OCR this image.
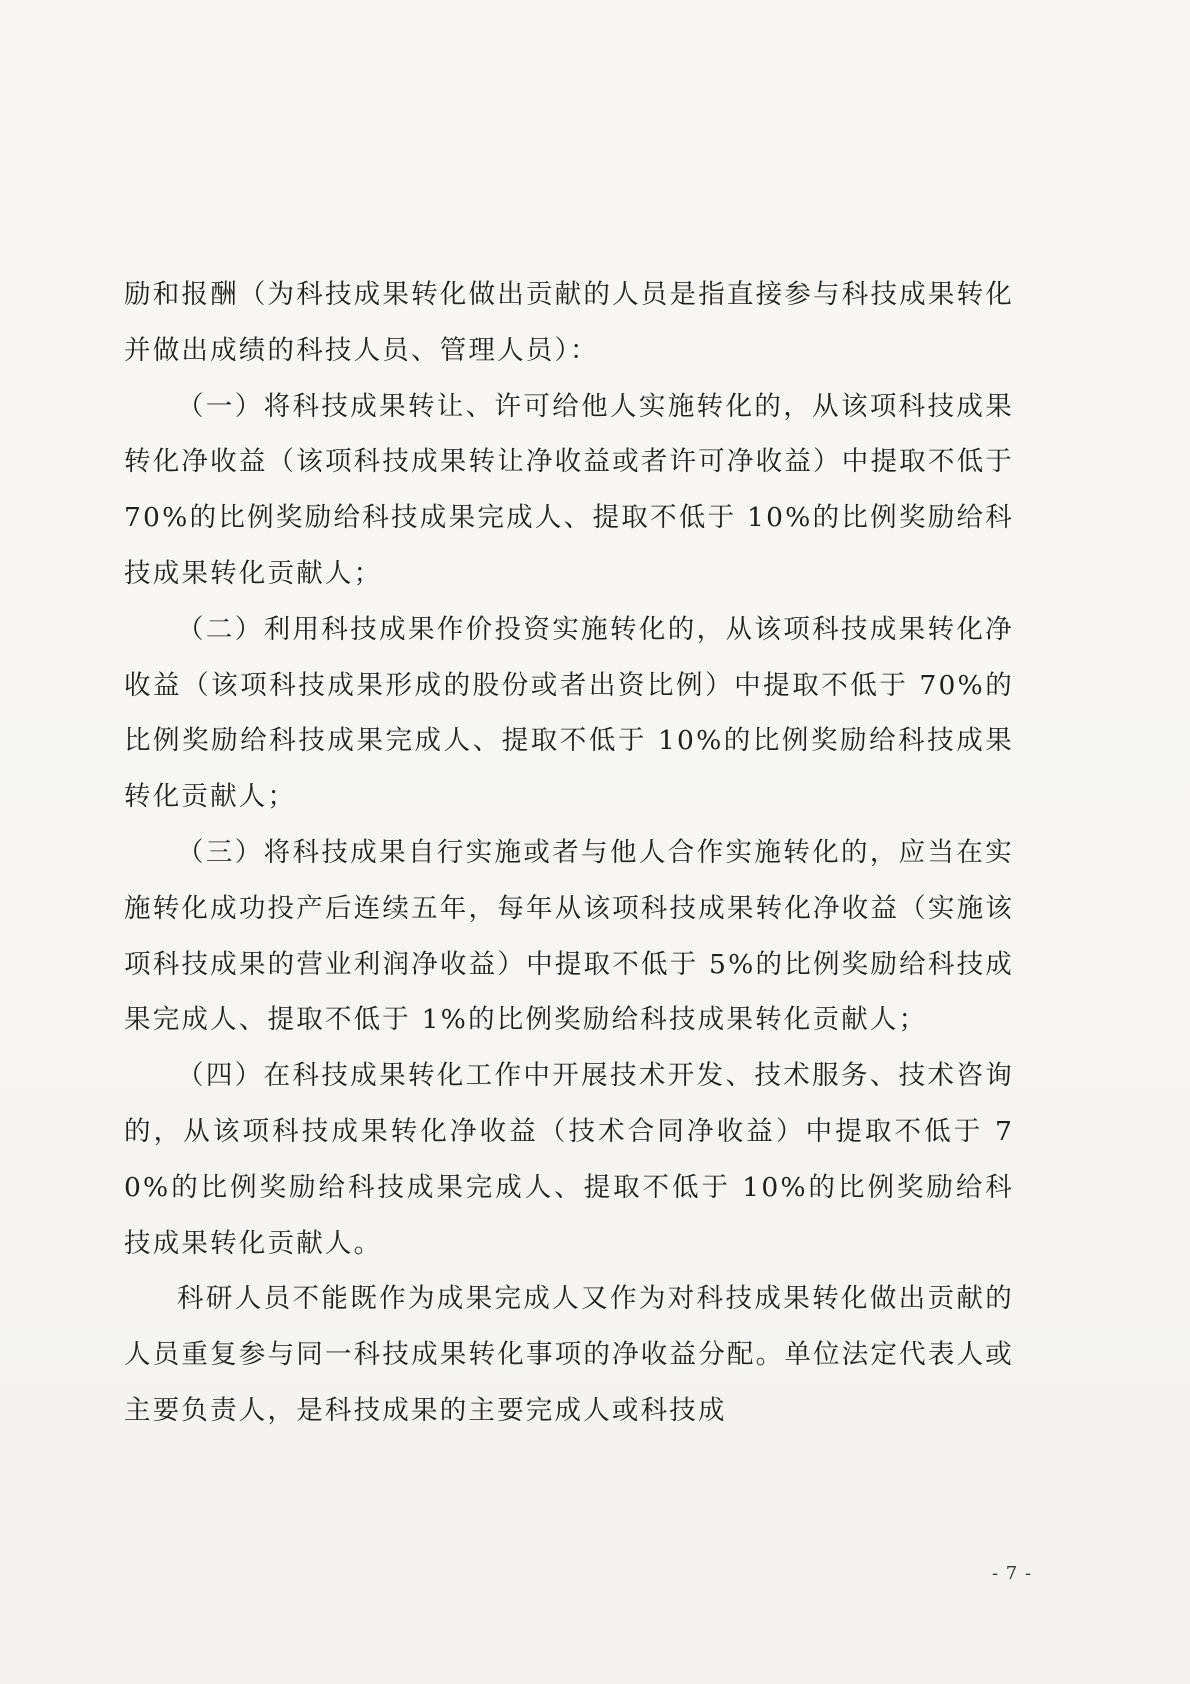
励和报酬（为科技成果转化做出贡献的人员是指直接参与科技成果转化并做出成绩的科技人员、管理人员）：

（一）将科技成果转让、许可给他人实施转化的，从该项科技成果转化净收益（该项科技成果转让净收益或者许可净收益）中提取不低于 70%的比例奖励给科技成果完成人、提取不低于 10%的比例奖励给科技成果转化贡献人；

（二）利用科技成果作价投资实施转化的，从该项科技成果转化净收益（该项科技成果形成的股份或者出资比例）中提取不低于 70%的比例奖励给科技成果完成人、提取不低于 10%的比例奖励给科技成果转化贡献人；

（三）将科技成果自行实施或者与他人合作实施转化的，应当在实施转化成功投产后连续五年，每年从该项科技成果转化净收益（实施该项科技成果的营业利润净收益）中提取不低于 5%的比例奖励给科技成果完成人、提取不低于 1%的比例奖励给科技成果转化贡献人；

（四）在科技成果转化工作中开展技术开发、技术服务、技术咨询的，从该项科技成果转化净收益（技术合同净收益）中提取不低于 70%的比例奖励给科技成果完成人、提取不低于 10%的比例奖励给科技成果转化贡献人。

科研人员不能既作为成果完成人又作为对科技成果转化做出贡献的人员重复参与同一科技成果转化事项的净收益分配。单位法定代表人或主要负责人，是科技成果的主要完成人或科技成

- 7 -
